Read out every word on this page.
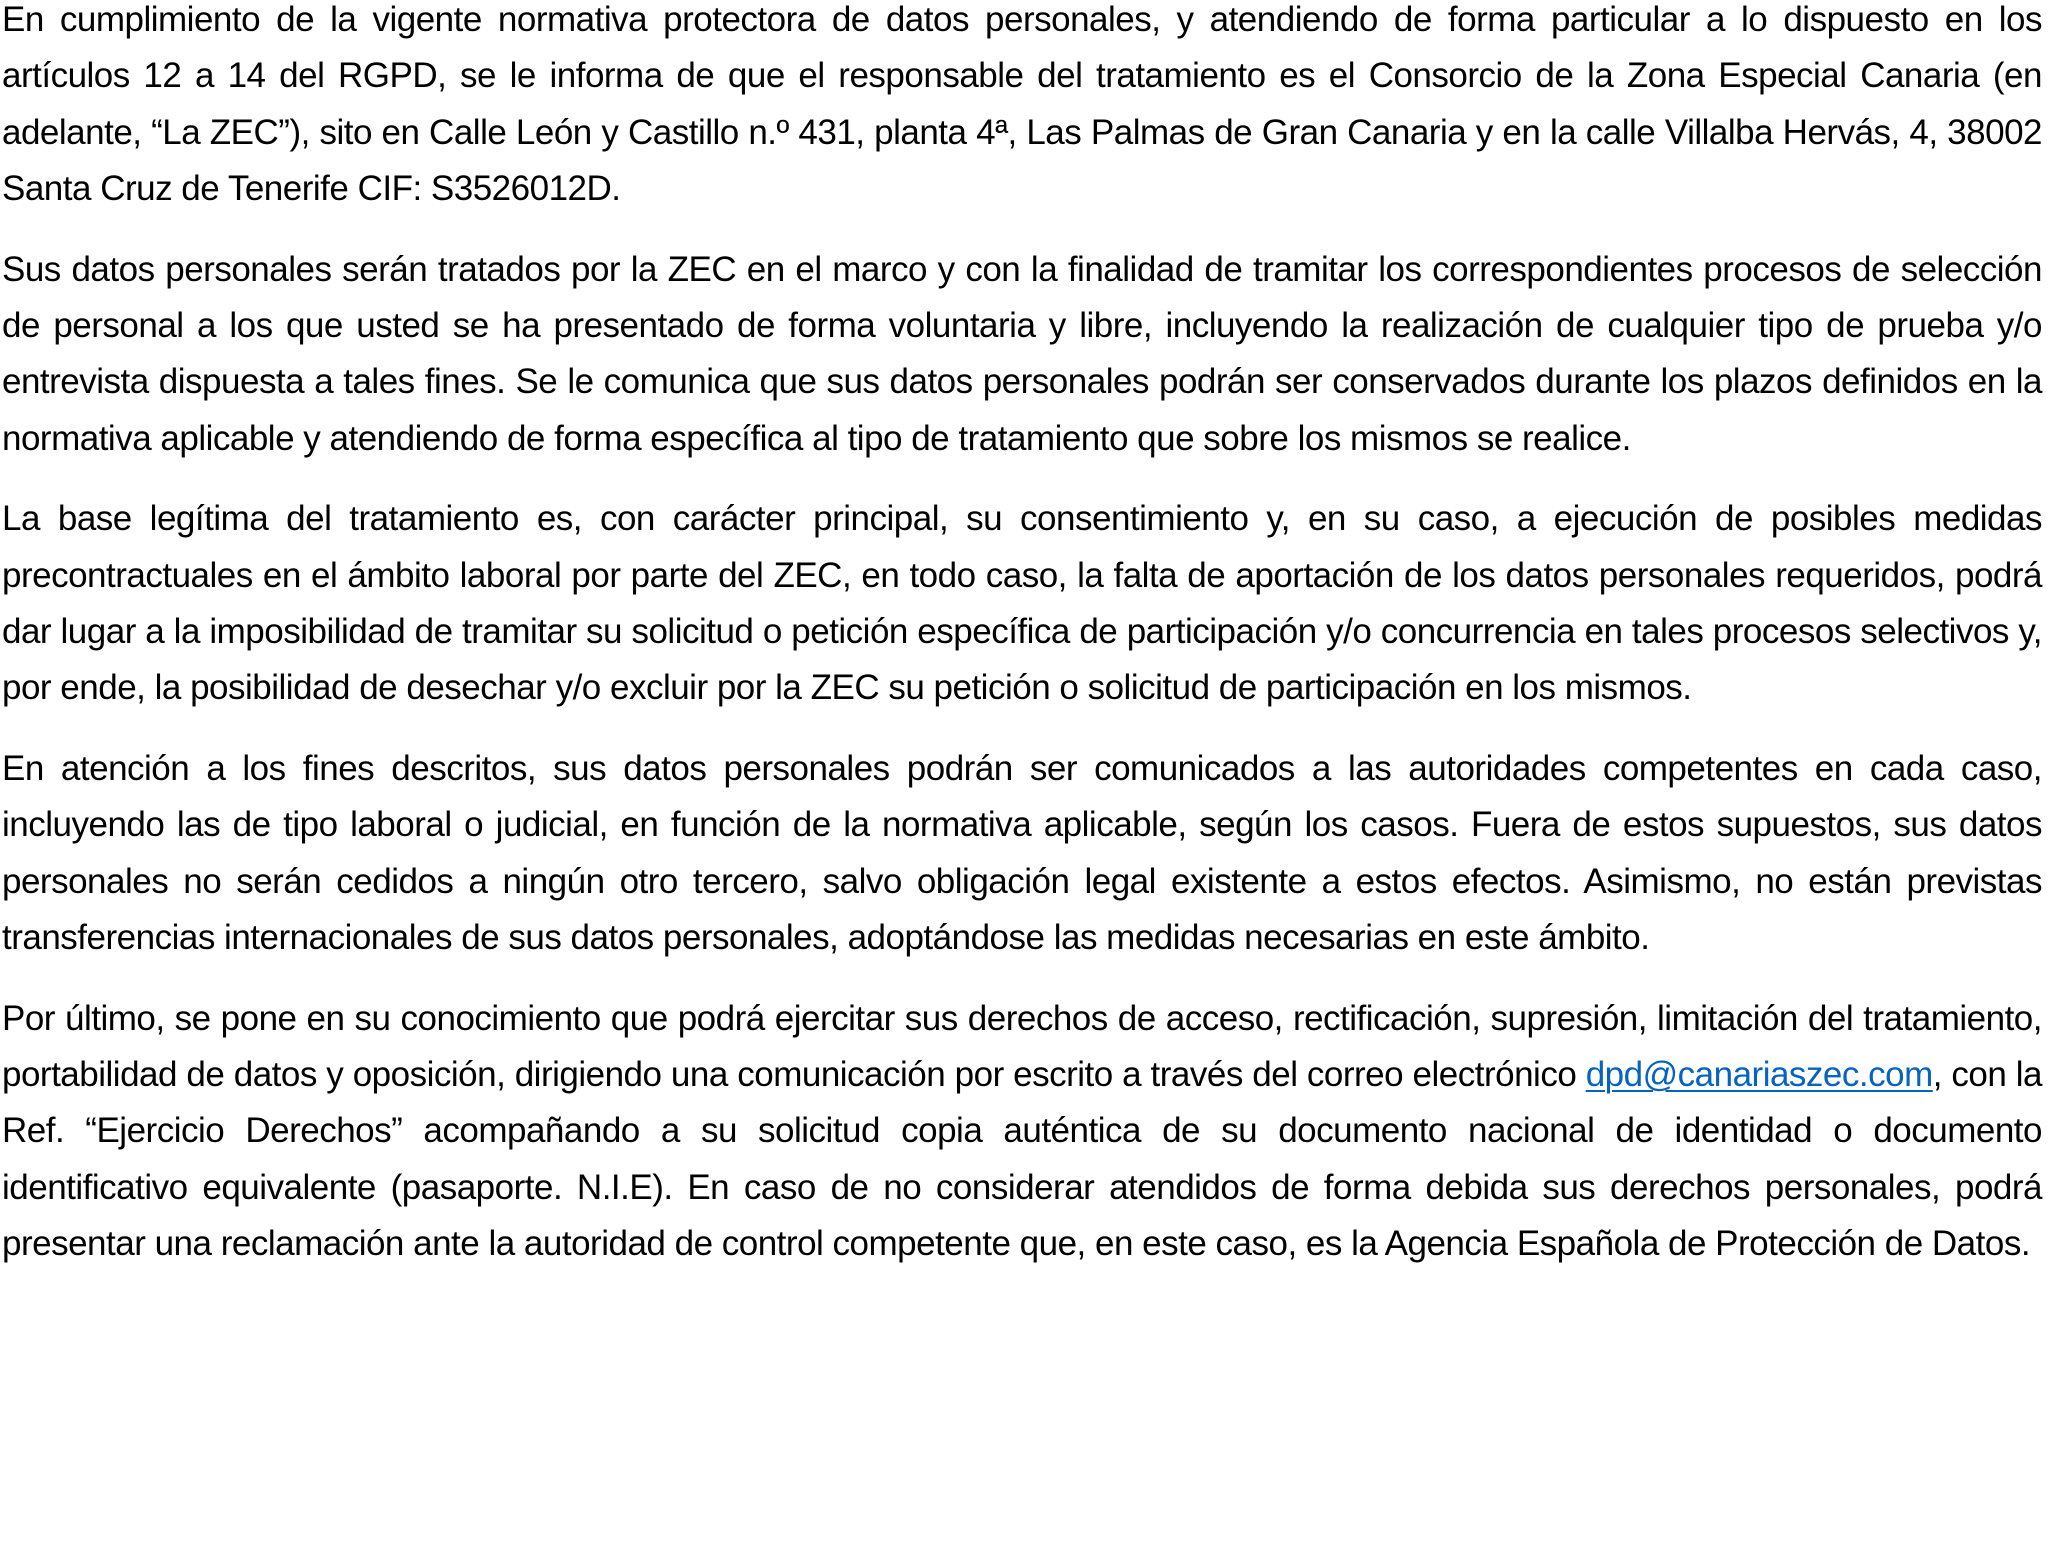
En cumplimiento de la vigente normativa protectora de datos personales, y atendiendo de forma particular a lo dispuesto en los artículos 12 a 14 del RGPD, se le informa de que el responsable del tratamiento es el Consorcio de la Zona Especial Canaria (en adelante, “La ZEC”), sito en Calle León y Castillo n.º 431, planta 4ª, Las Palmas de Gran Canaria y en la calle Villalba Hervás, 4, 38002 Santa Cruz de Tenerife CIF: S3526012D.

Sus datos personales serán tratados por la ZEC en el marco y con la finalidad de tramitar los correspondientes procesos de selección de personal a los que usted se ha presentado de forma voluntaria y libre, incluyendo la realización de cualquier tipo de prueba y/o entrevista dispuesta a tales fines. Se le comunica que sus datos personales podrán ser conservados durante los plazos definidos en la normativa aplicable y atendiendo de forma específica al tipo de tratamiento que sobre los mismos se realice.

La base legítima del tratamiento es, con carácter principal, su consentimiento y, en su caso, a ejecución de posibles medidas precontractuales en el ámbito laboral por parte del ZEC, en todo caso, la falta de aportación de los datos personales requeridos, podrá dar lugar a la imposibilidad de tramitar su solicitud o petición específica de participación y/o concurrencia en tales procesos selectivos y, por ende, la posibilidad de desechar y/o excluir por la ZEC su petición o solicitud de participación en los mismos.

En atención a los fines descritos, sus datos personales podrán ser comunicados a las autoridades competentes en cada caso, incluyendo las de tipo laboral o judicial, en función de la normativa aplicable, según los casos. Fuera de estos supuestos, sus datos personales no serán cedidos a ningún otro tercero, salvo obligación legal existente a estos efectos. Asimismo, no están previstas transferencias internacionales de sus datos personales, adoptándose las medidas necesarias en este ámbito.

Por último, se pone en su conocimiento que podrá ejercitar sus derechos de acceso, rectificación, supresión, limitación del tratamiento, portabilidad de datos y oposición, dirigiendo una comunicación por escrito a través del correo electrónico dpd@canariaszec.com, con la Ref. “Ejercicio Derechos” acompañando a su solicitud copia auténtica de su documento nacional de identidad o documento identificativo equivalente (pasaporte. N.I.E). En caso de no considerar atendidos de forma debida sus derechos personales, podrá presentar una reclamación ante la autoridad de control competente que, en este caso, es la Agencia Española de Protección de Datos.
